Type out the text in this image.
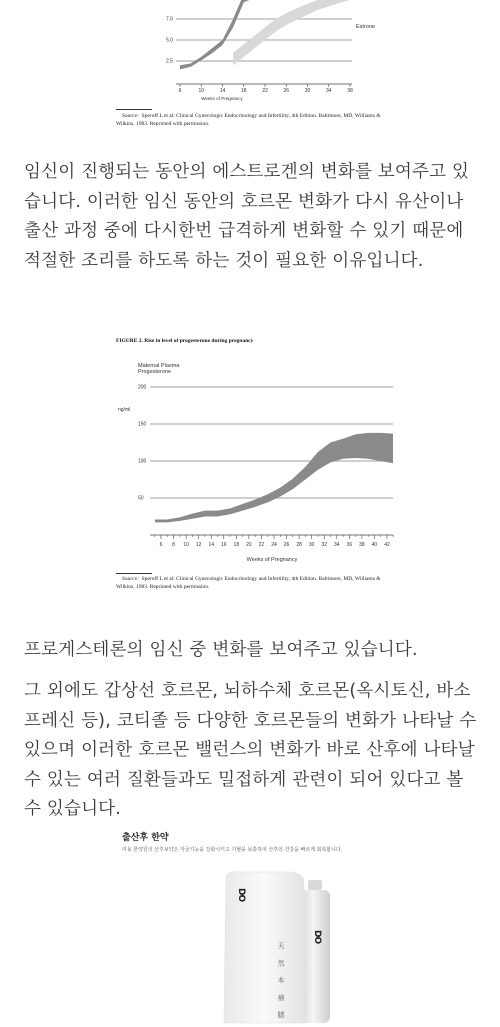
7.5
5.0
2.5
6	10	14	18	22	26	30	34	38
Estrone
Weeks of Pregnancy
Source: Speroff L et al: Clinical Gynecologic Endocrinology and Infertility, 4th Edition. Baltimore, MD, Williams & Wilkins, 1983. Reprinted with permission.
임신이 진행되는 동안의 에스트로겐의 변화를 보여주고 있습니다. 이러한 임신 동안의 호르몬 변화가 다시 유산이나 출산 과정 중에 다시한번 급격하게 변화할 수 있기 때문에 적절한 조리를 하도록 하는 것이 필요한 이유입니다.
FIGURE 2. Rise in level of progesterone during pregnancy
Maternal Plasma
Progesterone
ng/ml
200
150
100
50
6 8 10 12 14 16 18 20 22 24 26 28 30 32 34 36 38 40 42
Weeks of Pregnancy
Source: Speroff L et al: Clinical Gynecologic Endocrinology and Infertility, 4th Edition. Baltimore, MD, Williams & Wilkins, 1983. Reprinted with permission.
프로게스테론의 임신 중 변화를 보여주고 있습니다.
그 외에도 갑상선 호르몬, 뇌하수체 호르몬(옥시토신, 바소프레신 등), 코티졸 등 다양한 호르몬들의 변화가 나타날 수 있으며 이러한 호르몬 밸런스의 변화가 바로 산후에 나타날 수 있는 여러 질환들과도 밀접하게 관련이 되어 있다고 볼 수 있습니다.
출산후 한약
미용 한약원의 산후보약은 자궁기능을 강화시키고 기혈을 보충하여 산후의 건강을 빠르게 회복합니다.
DO
DO
天 然 本 補 膳
